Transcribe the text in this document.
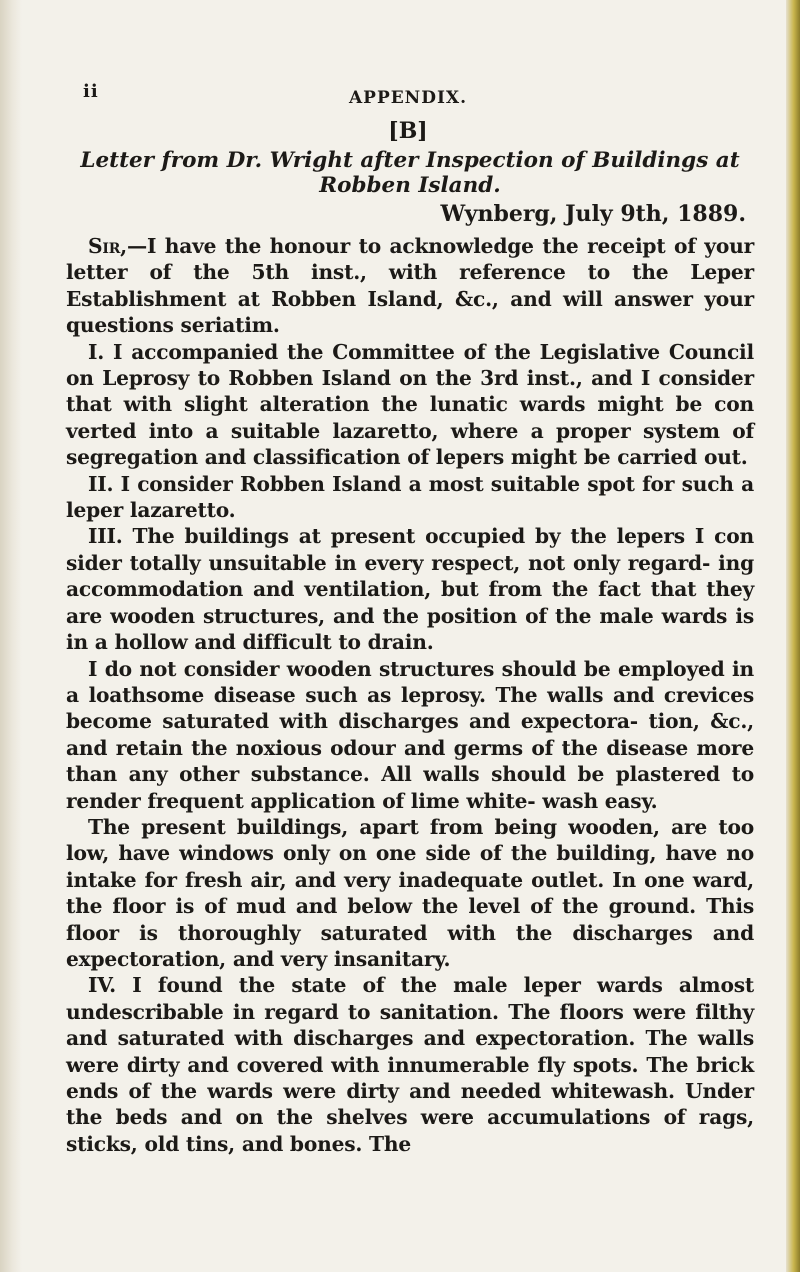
ii	APPENDIX.
[B]
Letter from Dr. Wright after Inspection of Buildings at Robben Island.
Wynberg, July 9th, 1889.

Sir,—I have the honour to acknowledge the receipt of your letter of the 5th inst., with reference to the Leper Establishment at Robben Island, &c., and will answer your questions seriatim.

I. I accompanied the Committee of the Legislative Council on Leprosy to Robben Island on the 3rd inst., and I consider that with slight alteration the lunatic wards might be con verted into a suitable lazaretto, where a proper system of segregation and classification of lepers might be carried out.

II. I consider Robben Island a most suitable spot for such a leper lazaretto.

III. The buildings at present occupied by the lepers I con sider totally unsuitable in every respect, not only regard- ing accommodation and ventilation, but from the fact that they are wooden structures, and the position of the male wards is in a hollow and difficult to drain.

I do not consider wooden structures should be employed in a loathsome disease such as leprosy. The walls and crevices become saturated with discharges and expectora- tion, &c., and retain the noxious odour and germs of the disease more than any other substance. All walls should be plastered to render frequent application of lime white- wash easy.

The present buildings, apart from being wooden, are too low, have windows only on one side of the building, have no intake for fresh air, and very inadequate outlet. In one ward, the floor is of mud and below the level of the ground. This floor is thoroughly saturated with the discharges and expectoration, and very insanitary.

IV. I found the state of the male leper wards almost undescribable in regard to sanitation. The floors were filthy and saturated with discharges and expectoration. The walls were dirty and covered with innumerable fly spots. The brick ends of the wards were dirty and needed whitewash. Under the beds and on the shelves were accumulations of rags, sticks, old tins, and bones. The
